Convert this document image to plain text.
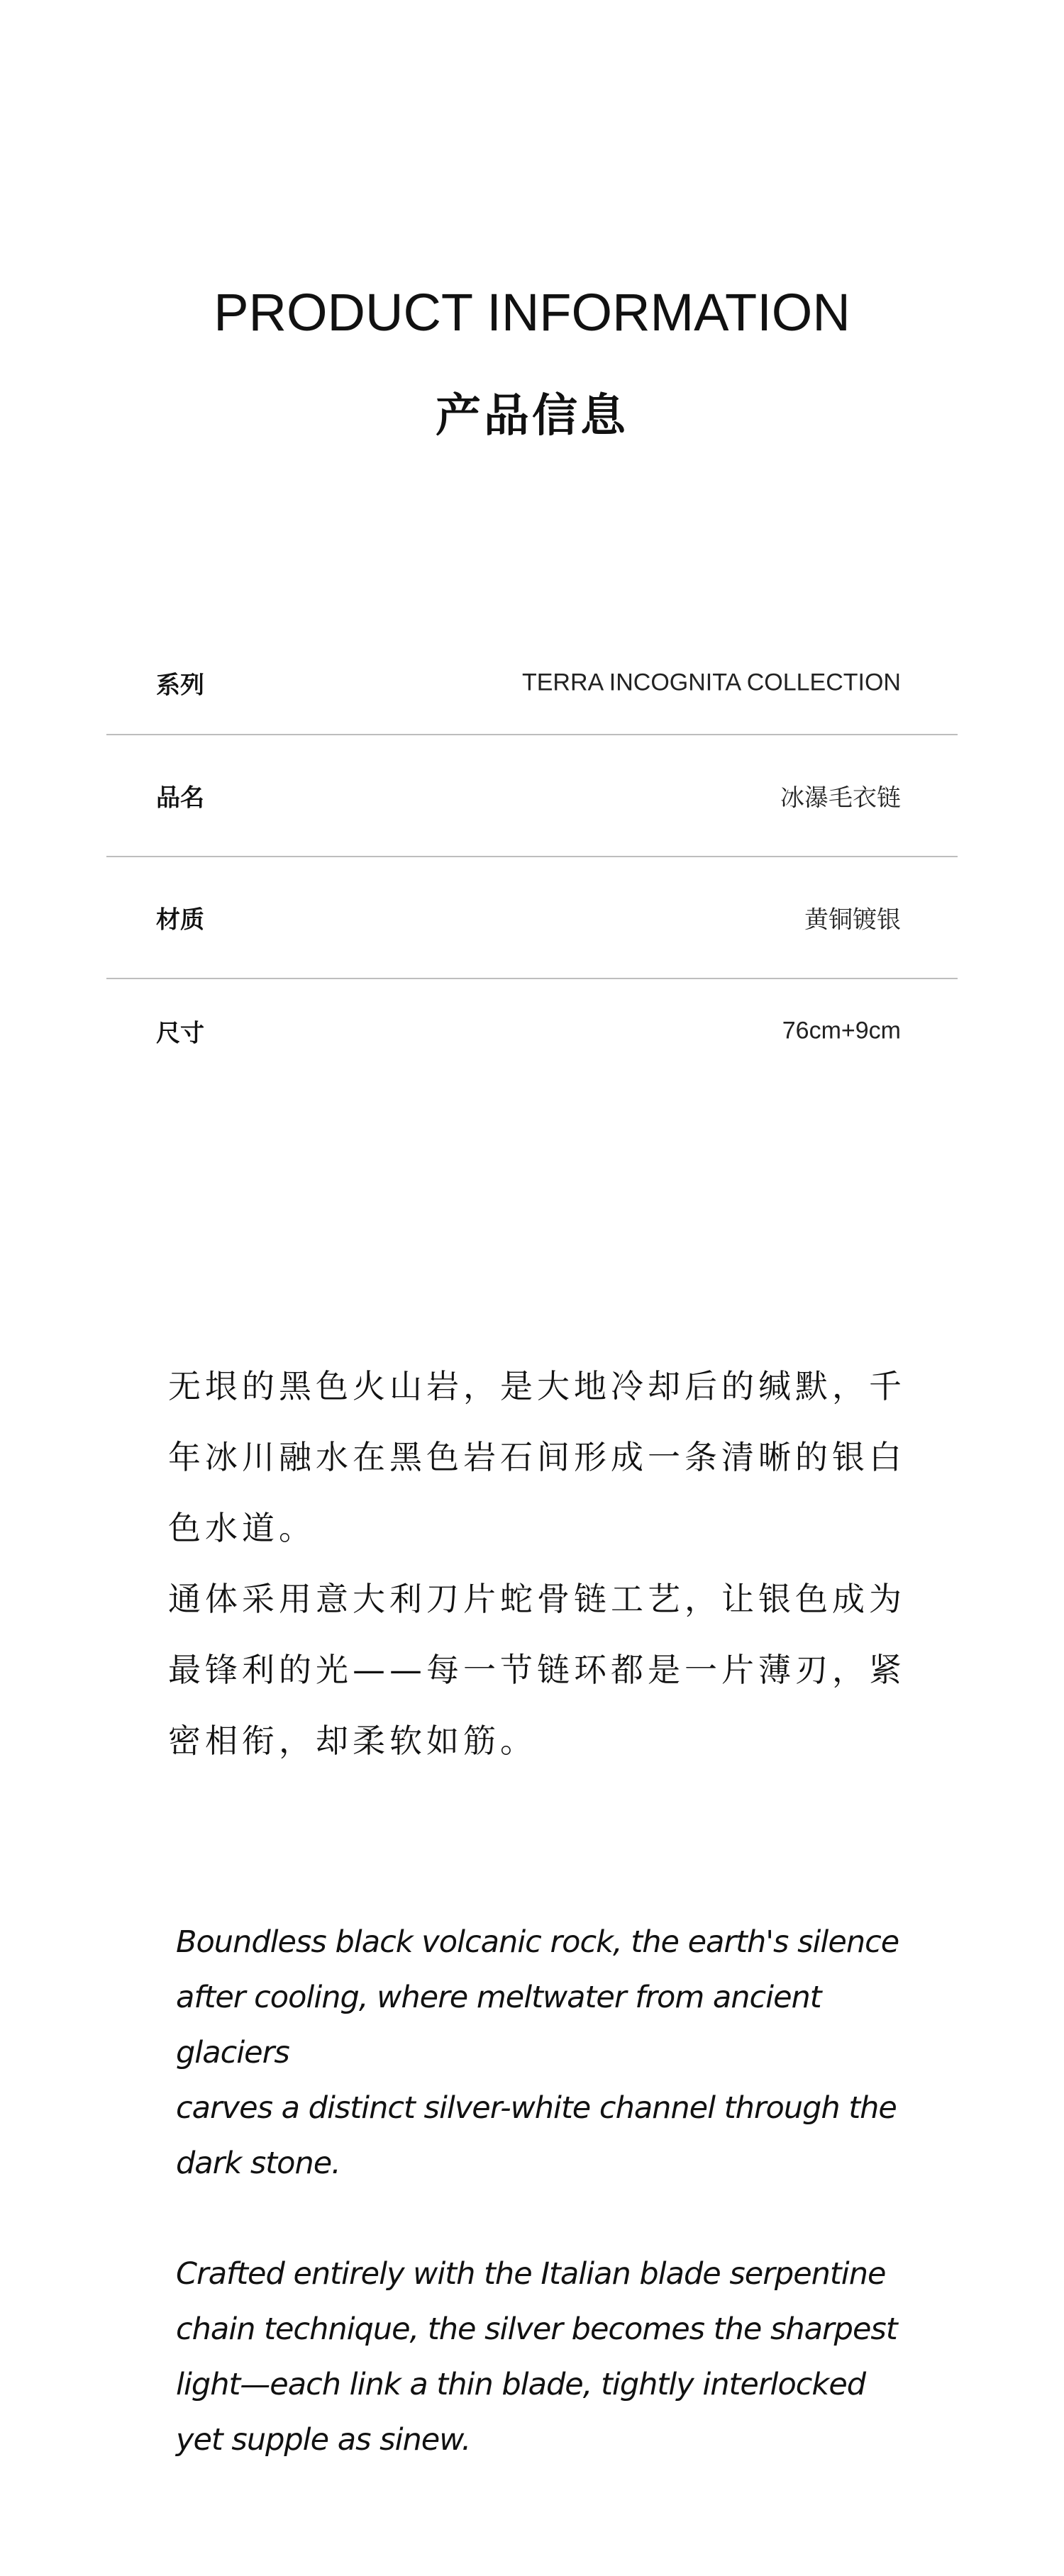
PRODUCT INFORMATION
产品信息
系列	TERRA INCOGNITA COLLECTION
品名	冰瀑毛衣链
材质	黄铜镀银
尺寸	76cm+9cm
无垠的黑色火山岩，是大地冷却后的缄默，千
年冰川融水在黑色岩石间形成一条清晰的银白
色水道。
通体采用意大利刀片蛇骨链工艺，让银色成为
最锋利的光——每一节链环都是一片薄刃，紧
密相衔，却柔软如筋。

Boundless black volcanic rock, the earth's silence
after cooling, where meltwater from ancient glaciers
carves a distinct silver-white channel through the
dark stone.

Crafted entirely with the Italian blade serpentine
chain technique, the silver becomes the sharpest
light—each link a thin blade, tightly interlocked
yet supple as sinew.
